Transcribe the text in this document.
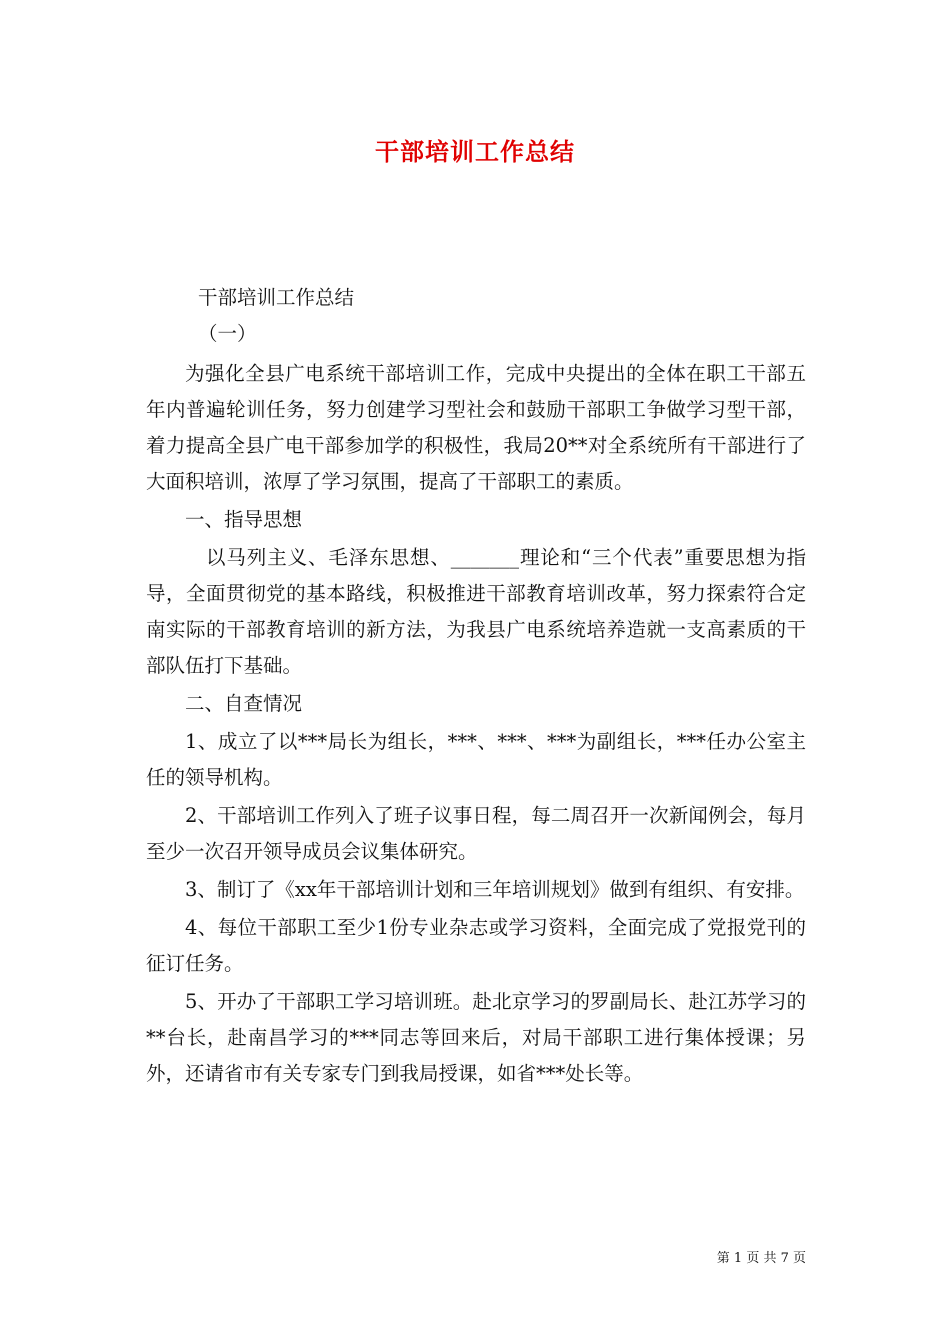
干部培训工作总结

干部培训工作总结

（一）

为强化全县广电系统干部培训工作，完成中央提出的全体在职工干部五年内普遍轮训任务，努力创建学习型社会和鼓励干部职工争做学习型干部，着力提高全县广电干部参加学的积极性，我局20**对全系统所有干部进行了大面积培训，浓厚了学习氛围，提高了干部职工的素质。

一、指导思想

以马列主义、毛泽东思想、_______理论和“三个代表”重要思想为指导，全面贯彻党的基本路线，积极推进干部教育培训改革，努力探索符合定南实际的干部教育培训的新方法，为我县广电系统培养造就一支高素质的干部队伍打下基础。

二、自查情况

1、成立了以***局长为组长，***、***、***为副组长，***任办公室主任的领导机构。

2、干部培训工作列入了班子议事日程，每二周召开一次新闻例会，每月至少一次召开领导成员会议集体研究。

3、制订了《xx年干部培训计划和三年培训规划》做到有组织、有安排。

4、每位干部职工至少1份专业杂志或学习资料，全面完成了党报党刊的征订任务。

5、开办了干部职工学习培训班。赴北京学习的罗副局长、赴江苏学习的**台长，赴南昌学习的***同志等回来后，对局干部职工进行集体授课；另外，还请省市有关专家专门到我局授课，如省***处长等。

第 1 页 共 7 页
